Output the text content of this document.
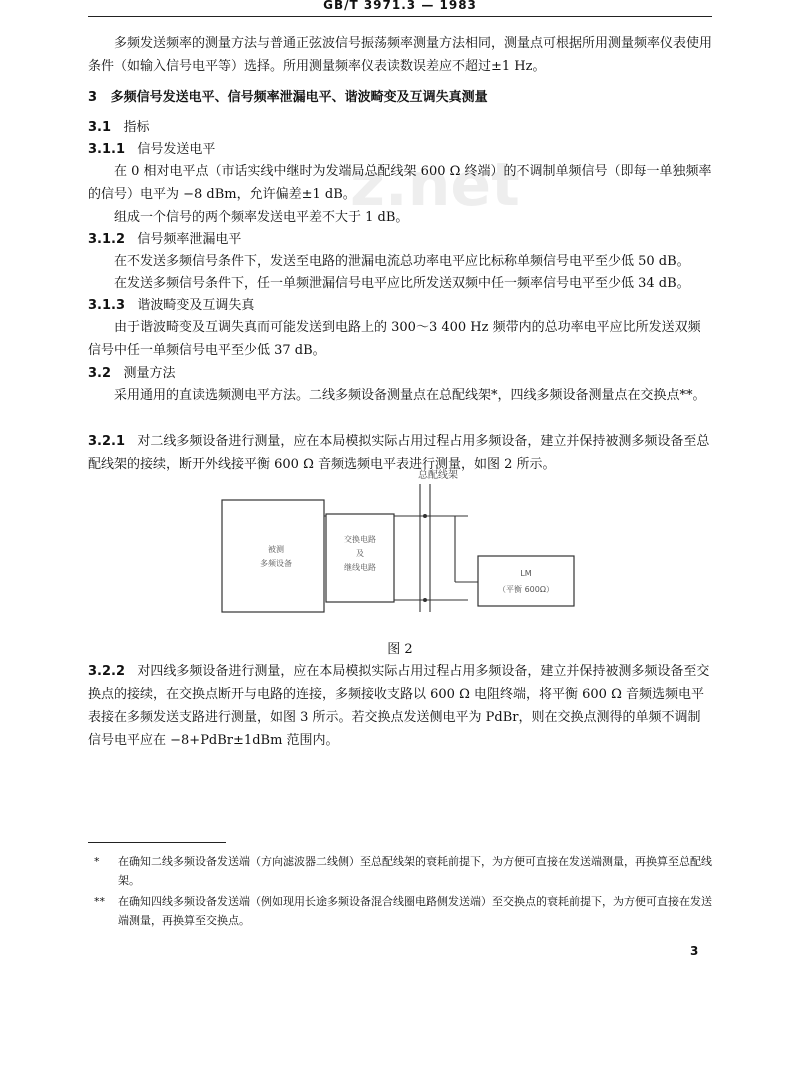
GB/T 3971.3 — 1983
z.net
多频发送频率的测量方法与普通正弦波信号振荡频率测量方法相同，测量点可根据所用测量频率仪表使用条件（如输入信号电平等）选择。所用测量频率仪表读数误差应不超过±1 Hz。
3 多频信号发送电平、信号频率泄漏电平、谐波畸变及互调失真测量
3.1 指标
3.1.1 信号发送电平
在 0 相对电平点（市话实线中继时为发端局总配线架 600 Ω 终端）的不调制单频信号（即每一单独频率的信号）电平为 −8 dBm，允许偏差±1 dB。
组成一个信号的两个频率发送电平差不大于 1 dB。
3.1.2 信号频率泄漏电平
在不发送多频信号条件下，发送至电路的泄漏电流总功率电平应比标称单频信号电平至少低 50 dB。
在发送多频信号条件下，任一单频泄漏信号电平应比所发送双频中任一频率信号电平至少低 34 dB。
3.1.3 谐波畸变及互调失真
由于谐波畸变及互调失真而可能发送到电路上的 300～3 400 Hz 频带内的总功率电平应比所发送双频信号中任一单频信号电平至少低 37 dB。
3.2 测量方法
采用通用的直读选频测电平方法。二线多频设备测量点在总配线架*，四线多频设备测量点在交换点**。
3.2.1 对二线多频设备进行测量，应在本局模拟实际占用过程占用多频设备，建立并保持被测多频设备至总配线架的接续，断开外线接平衡 600 Ω 音频选频电平表进行测量，如图 2 所示。
总配线架
被测
多频设备
交换电路
及
继线电路
LM
（平衡 600Ω）
图 2
3.2.2 对四线多频设备进行测量，应在本局模拟实际占用过程占用多频设备，建立并保持被测多频设备至交换点的接续，在交换点断开与电路的连接，多频接收支路以 600 Ω 电阻终端，将平衡 600 Ω 音频选频电平表接在多频发送支路进行测量，如图 3 所示。若交换点发送侧电平为 PdBr，则在交换点测得的单频不调制信号电平应在 −8+PdBr±1dBm 范围内。
* 在确知二线多频设备发送端（方向滤波器二线侧）至总配线架的衰耗前提下，为方便可直接在发送端测量，再换算至总配线架。
** 在确知四线多频设备发送端（例如现用长途多频设备混合线圈电路侧发送端）至交换点的衰耗前提下，为方便可直接在发送端测量，再换算至交换点。
3
